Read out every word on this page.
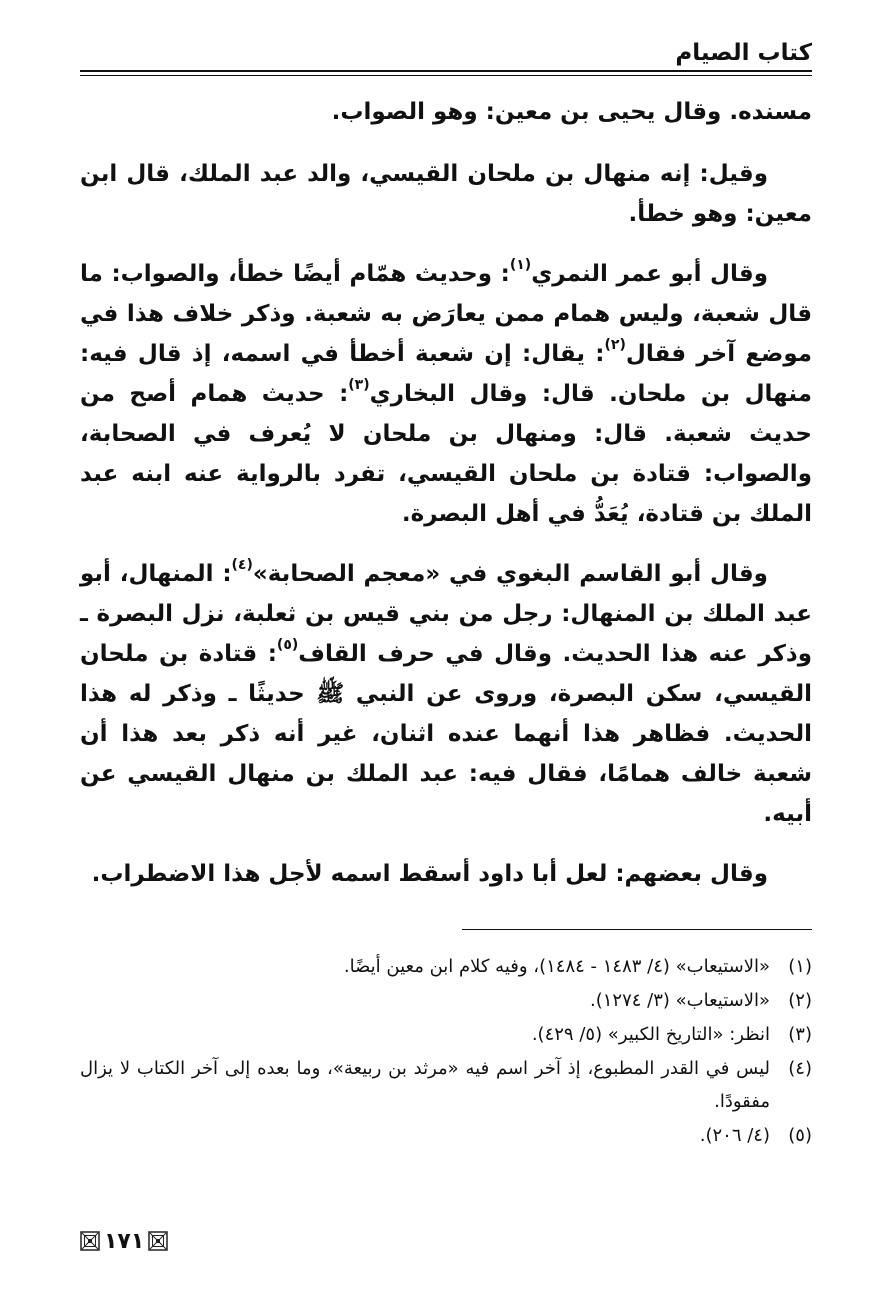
كتاب الصيام

مسنده. وقال يحيى بن معين: وهو الصواب.

وقيل: إنه منهال بن ملحان القيسي، والد عبد الملك، قال ابن معين: وهو خطأ.

وقال أبو عمر النمري$^{(١)}$: وحديث همّام أيضًا خطأ، والصواب: ما قال شعبة، وليس همام ممن يعارَض به شعبة. وذكر خلاف هذا في موضع آخر فقال$^{(٢)}$: يقال: إن شعبة أخطأ في اسمه، إذ قال فيه: منهال بن ملحان. قال: وقال البخاري$^{(٣)}$: حديث همام أصح من حديث شعبة. قال: ومنهال بن ملحان لا يُعرف في الصحابة، والصواب: قتادة بن ملحان القيسي، تفرد بالرواية عنه ابنه عبد الملك بن قتادة، يُعَدُّ في أهل البصرة.

وقال أبو القاسم البغوي في «معجم الصحابة»$^{(٤)}$: المنهال، أبو عبد الملك بن المنهال: رجل من بني قيس بن ثعلبة، نزل البصرة ـ وذكر عنه هذا الحديث. وقال في حرف القاف$^{(٥)}$: قتادة بن ملحان القيسي، سكن البصرة، وروى عن النبي ﷺ حديثًا ـ وذكر له هذا الحديث. فظاهر هذا أنهما عنده اثنان، غير أنه ذكر بعد هذا أن شعبة خالف همامًا، فقال فيه: عبد الملك بن منهال القيسي عن أبيه.

وقال بعضهم: لعل أبا داود أسقط اسمه لأجل هذا الاضطراب.

(١)
«الاستيعاب» (٤/ ١٤٨٣ - ١٤٨٤)، وفيه كلام ابن معين أيضًا.
(٢)
«الاستيعاب» (٣/ ١٢٧٤).
(٣)
انظر: «التاريخ الكبير» (٥/ ٤٢٩).
(٤)
ليس في القدر المطبوع، إذ آخر اسم فيه «مرثد بن ربيعة»، وما بعده إلى آخر الكتاب لا يزال مفقودًا.
(٥)
(٤/ ٢٠٦).
١٧١
